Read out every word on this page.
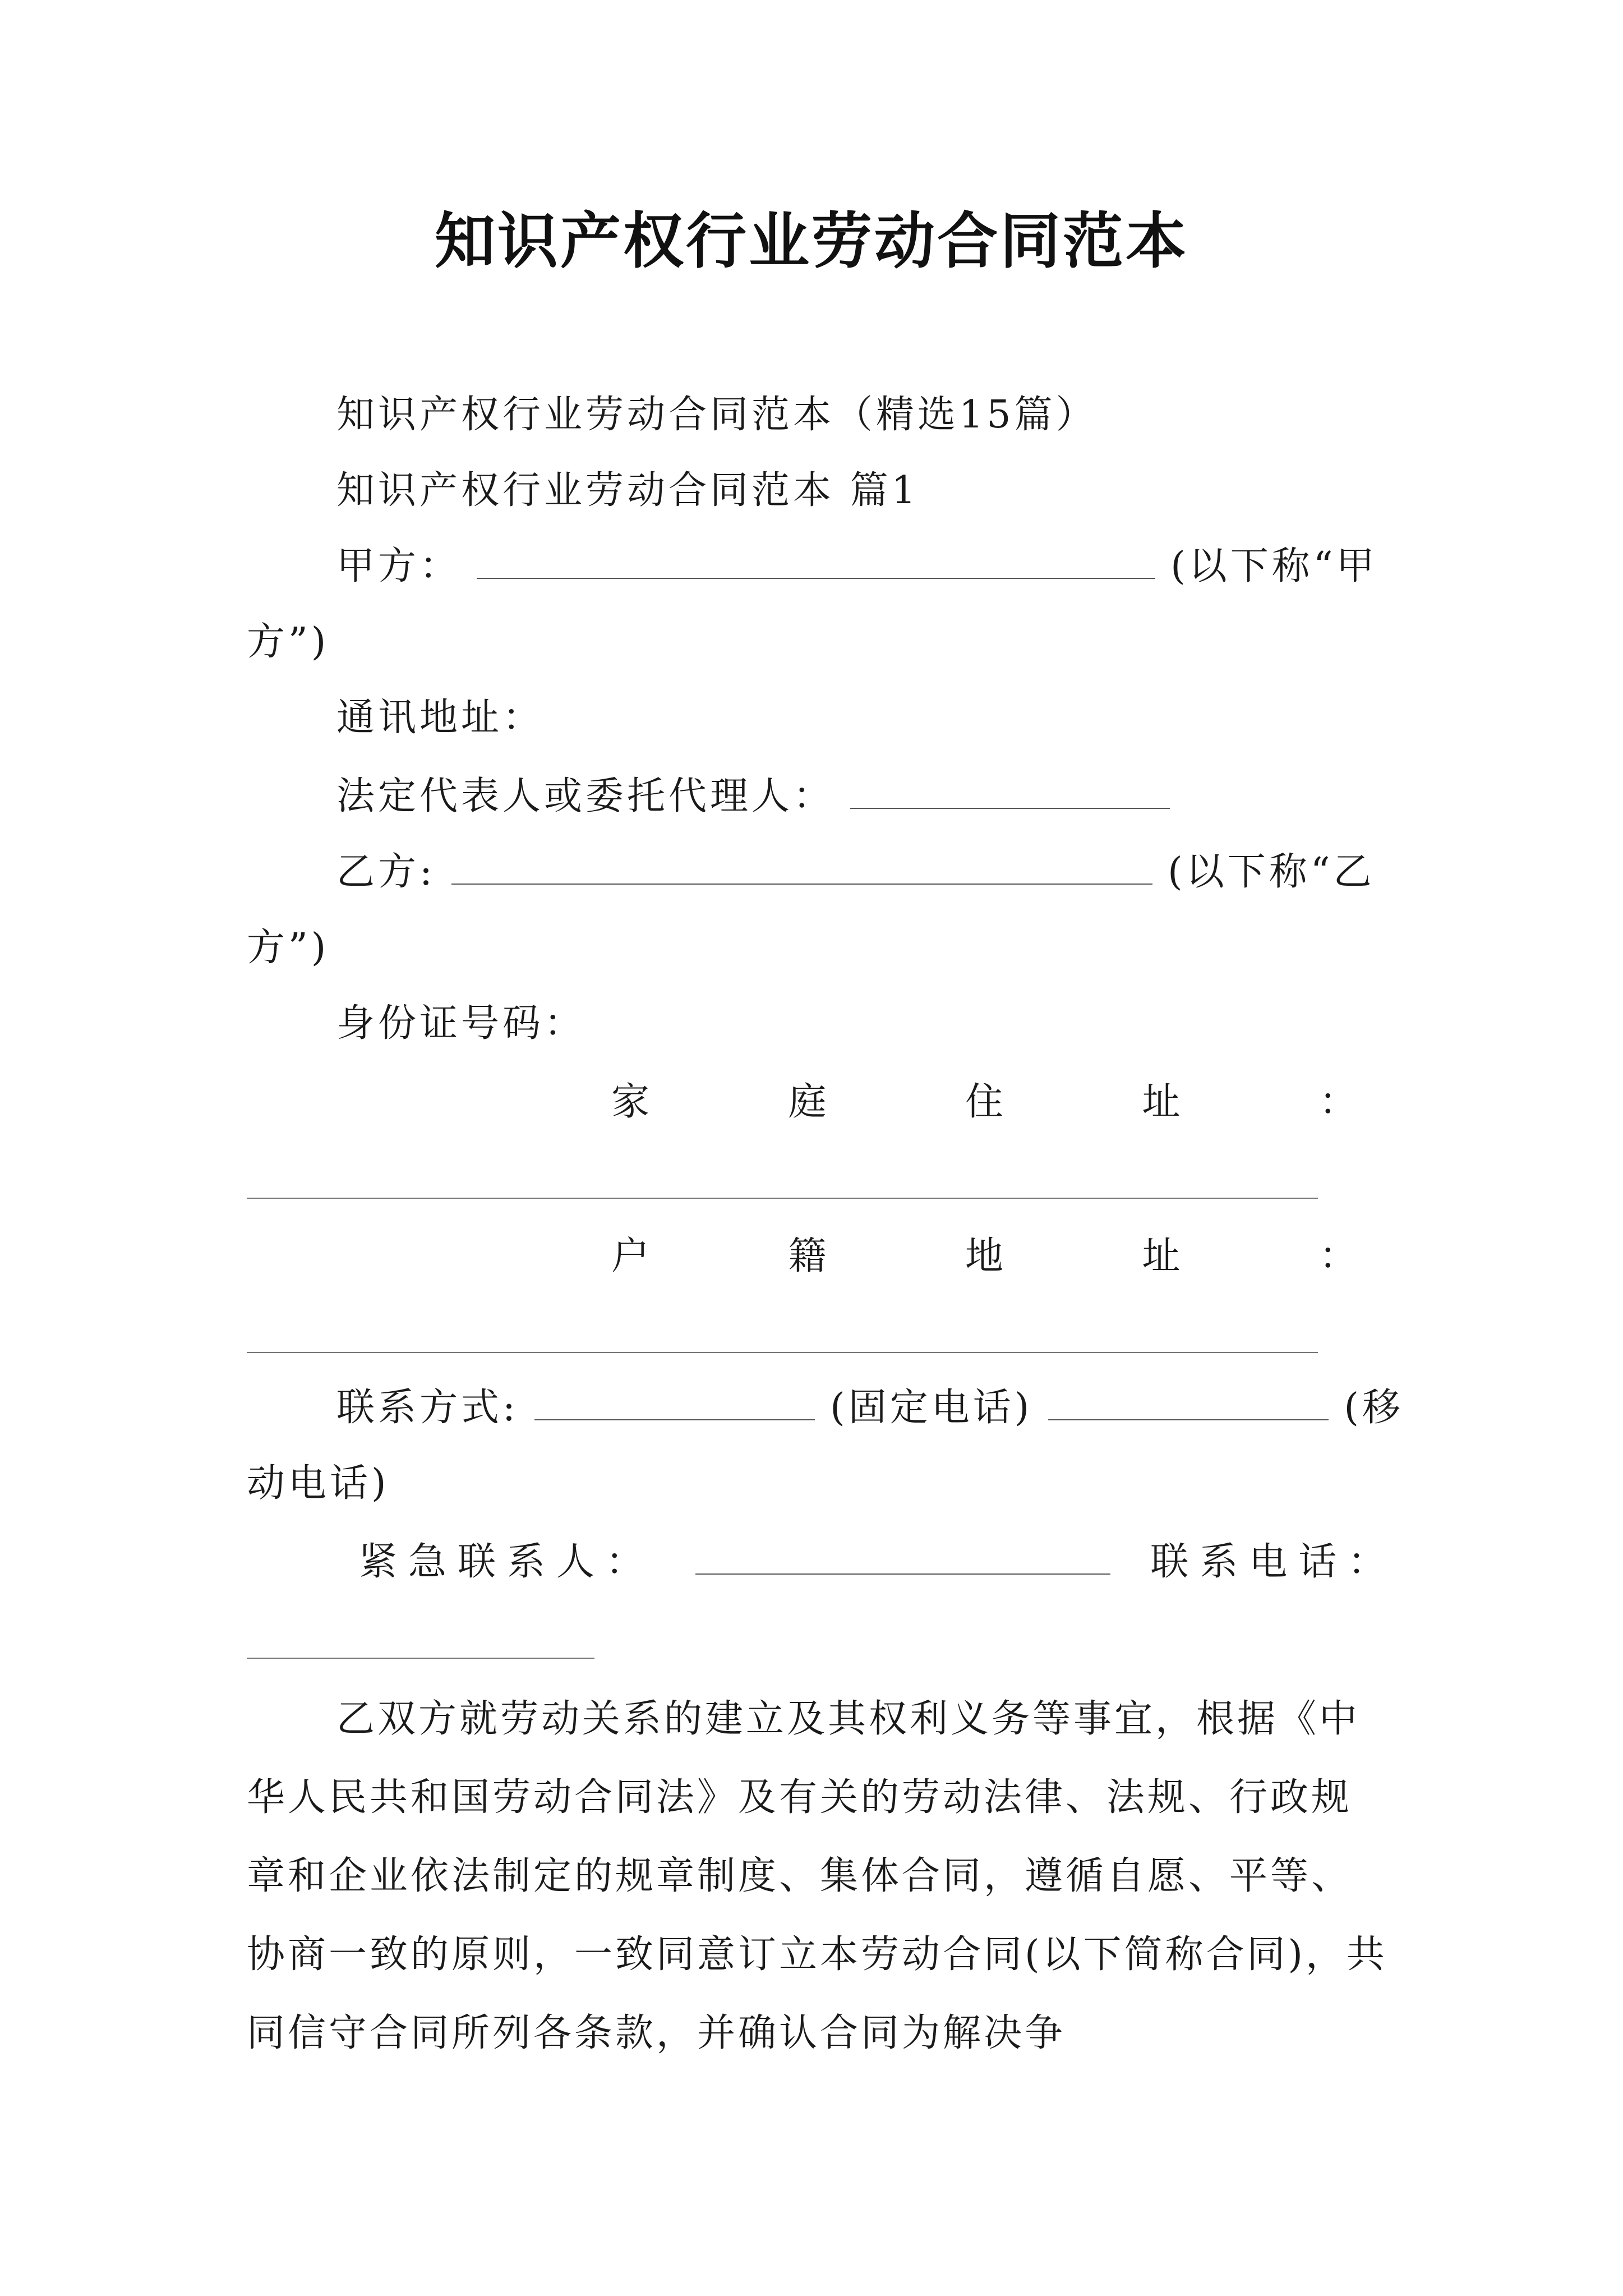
知识产权行业劳动合同范本
知识产权行业劳动合同范本（精选15篇）
知识产权行业劳动合同范本 篇1
甲方：	(以下称“甲
方”)
通讯地址：
法定代表人或委托代理人：
乙方:	(以下称“乙
方”)
身份证号码：
家	庭	住	址	：
户	籍	地	址	：
联系方式:	(固定电话)	(移
动电话)
紧急联系人：	联系电话：
乙双方就劳动关系的建立及其权利义务等事宜，根据《中华人民共和国劳动合同法》及有关的劳动法律、法规、行政规章和企业依法制定的规章制度、集体合同，遵循自愿、平等、协商一致的原则，一致同意订立本劳动合同(以下简称合同)，共同信守合同所列各条款，并确认合同为解决争
